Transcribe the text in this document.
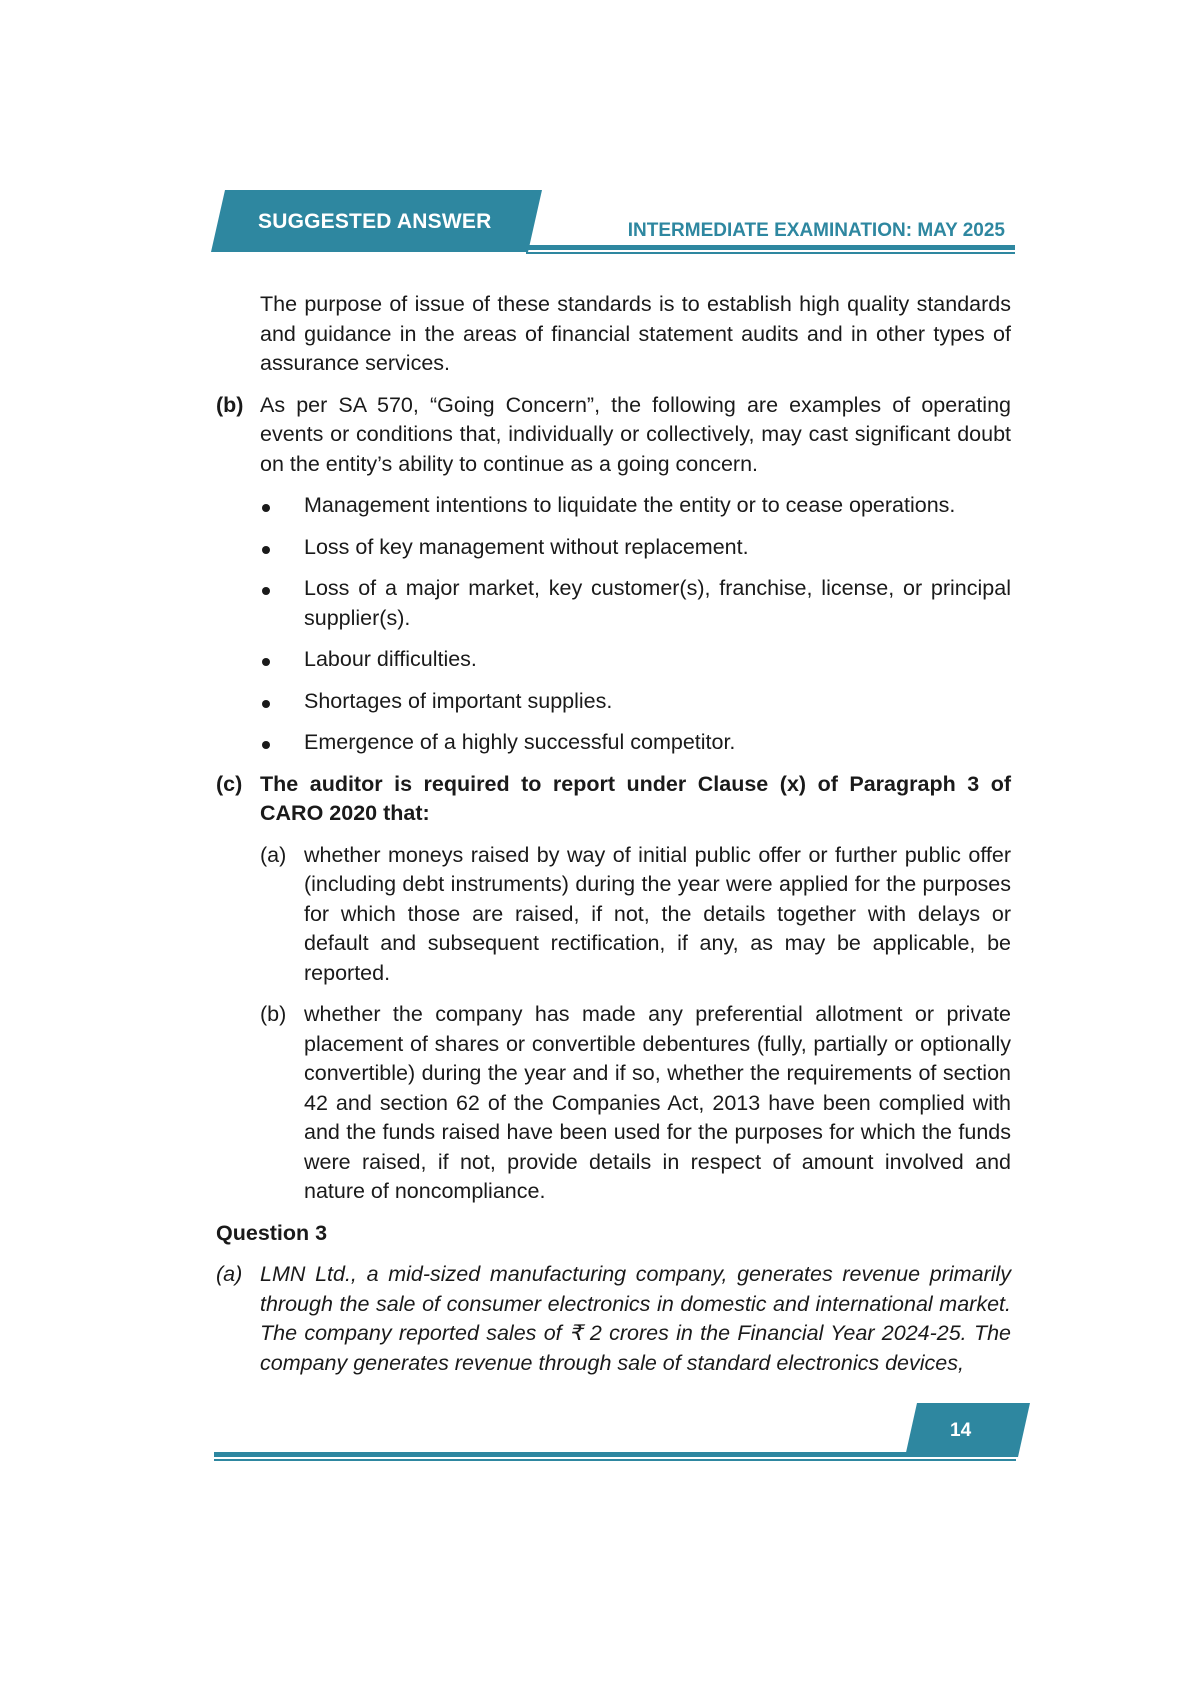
SUGGESTED ANSWER	INTERMEDIATE EXAMINATION: MAY 2025
The purpose of issue of these standards is to establish high quality standards and guidance in the areas of financial statement audits and in other types of assurance services.
(b) As per SA 570, “Going Concern”, the following are examples of operating events or conditions that, individually or collectively, may cast significant doubt on the entity’s ability to continue as a going concern.
Management intentions to liquidate the entity or to cease operations.
Loss of key management without replacement.
Loss of a major market, key customer(s), franchise, license, or principal supplier(s).
Labour difficulties.
Shortages of important supplies.
Emergence of a highly successful competitor.
(c) The auditor is required to report under Clause (x) of Paragraph 3 of CARO 2020 that:
(a) whether moneys raised by way of initial public offer or further public offer (including debt instruments) during the year were applied for the purposes for which those are raised, if not, the details together with delays or default and subsequent rectification, if any, as may be applicable, be reported.
(b) whether the company has made any preferential allotment or private placement of shares or convertible debentures (fully, partially or optionally convertible) during the year and if so, whether the requirements of section 42 and section 62 of the Companies Act, 2013 have been complied with and the funds raised have been used for the purposes for which the funds were raised, if not, provide details in respect of amount involved and nature of noncompliance.
Question 3
(a) LMN Ltd., a mid-sized manufacturing company, generates revenue primarily through the sale of consumer electronics in domestic and international market. The company reported sales of ₹ 2 crores in the Financial Year 2024-25. The company generates revenue through sale of standard electronics devices,
14
